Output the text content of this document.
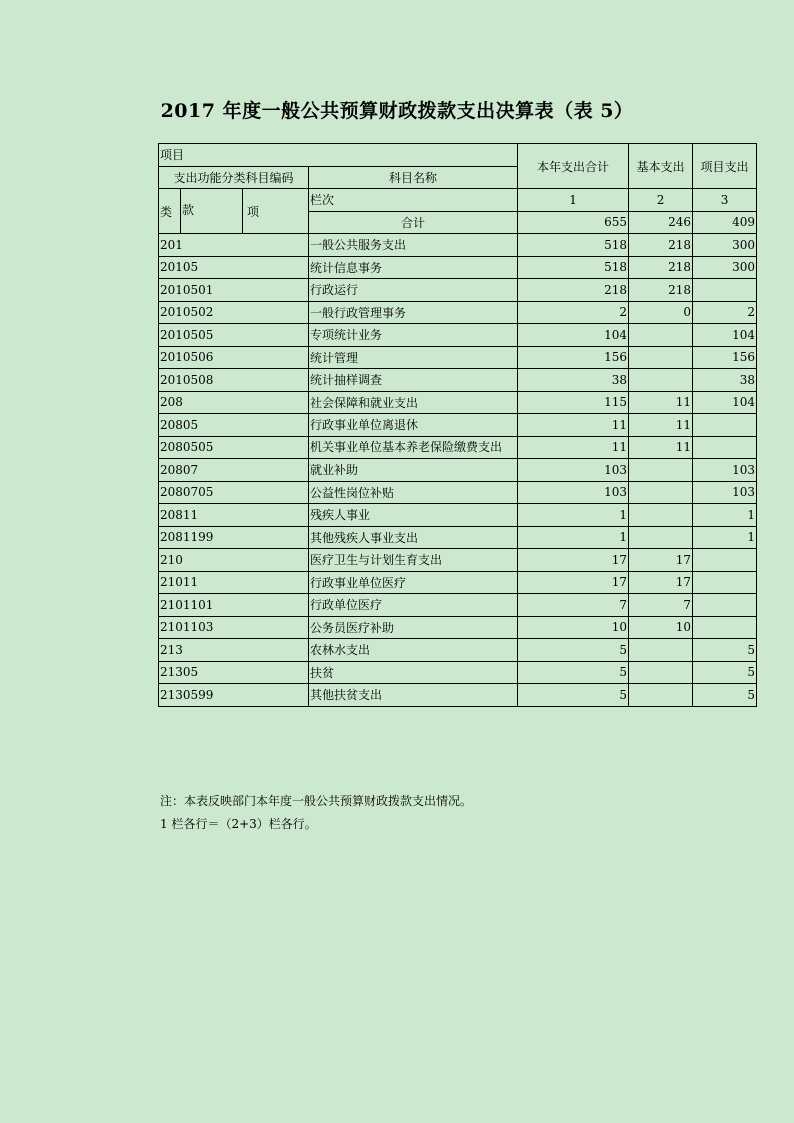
2017 年度一般公共预算财政拨款支出决算表（表 5）
项目				本年支出合计	基本支出	项目支出
支出功能分类科目编码			科目名称			
类	款	项	栏次	1	2	3
			合计	655	246	409
201			一般公共服务支出	518	218	300
20105			统计信息事务	518	218	300
2010501			行政运行	218	218	
2010502			一般行政管理事务	2	0	2
2010505			专项统计业务	104		104
2010506			统计管理	156		156
2010508			统计抽样调查	38		38
208			社会保障和就业支出	115	11	104
20805			行政事业单位离退休	11	11	
2080505			机关事业单位基本养老保险缴费支出	11	11	
20807			就业补助	103		103
2080705			公益性岗位补贴	103		103
20811			残疾人事业	1		1
2081199			其他残疾人事业支出	1		1
210			医疗卫生与计划生育支出	17	17	
21011			行政事业单位医疗	17	17	
2101101			行政单位医疗	7	7	
2101103			公务员医疗补助	10	10	
213			农林水支出	5		5
21305			扶贫	5		5
2130599			其他扶贫支出	5		5
注：本表反映部门本年度一般公共预算财政拨款支出情况。
1 栏各行＝（2+3）栏各行。
